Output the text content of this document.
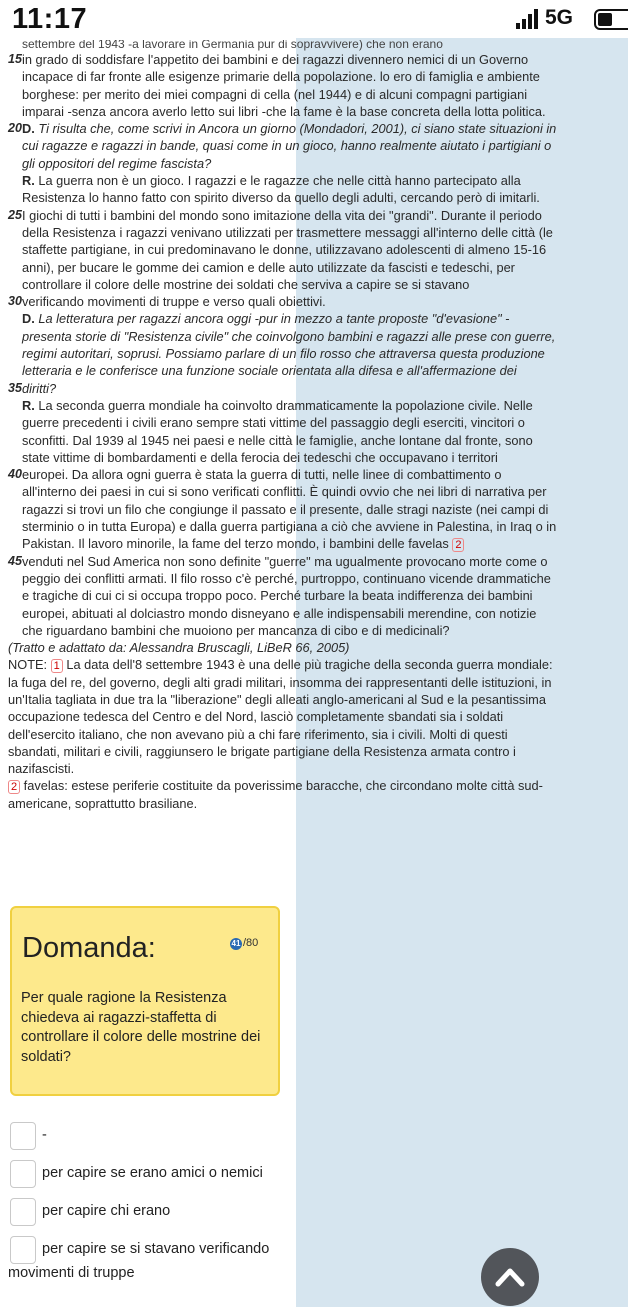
11:17	5G
settembre del 1943 -a lavorare in Germania pur di sopravvivere) che non erano
15 in grado di soddisfare l'appetito dei bambini e dei ragazzi divennero nemici di un Governo

incapace di far fronte alle esigenze primarie della popolazione. lo ero di famiglia e ambiente

borghese: per merito dei miei compagni di cella (nel 1944) e di alcuni compagni partigiani

imparai -senza ancora averlo letto sui libri -che la fame è la base concreta della lotta politica.

20 D. Ti risulta che, come scrivi in Ancora un giorno (Mondadori, 2001), ci siano state situazioni in

cui ragazze e ragazzi in bande, quasi come in un gioco, hanno realmente aiutato i partigiani o

gli oppositori del regime fascista?

R. La guerra non è un gioco. I ragazzi e le ragazze che nelle città hanno partecipato alla

Resistenza lo hanno fatto con spirito diverso da quello degli adulti, cercando però di imitarli.

25 I giochi di tutti i bambini del mondo sono imitazione della vita dei "grandi". Durante il periodo

della Resistenza i ragazzi venivano utilizzati per trasmettere messaggi all'interno delle città (le

staffette partigiane, in cui predominavano le donne, utilizzavano adolescenti di almeno 15-16

anni), per bucare le gomme dei camion e delle auto utilizzate da fascisti e tedeschi, per

controllare il colore delle mostrine dei soldati che serviva a capire se si stavano

30 verificando movimenti di truppe e verso quali obiettivi.

D. La letteratura per ragazzi ancora oggi -pur in mezzo a tante proposte "d'evasione" -

presenta storie di "Resistenza civile" che coinvolgono bambini e ragazzi alle prese con guerre,

regimi autoritari, soprusi. Possiamo parlare di un filo rosso che attraversa questa produzione

letteraria e le conferisce una funzione sociale orientata alla difesa e all'affermazione dei

35 diritti?

R. La seconda guerra mondiale ha coinvolto drammaticamente la popolazione civile. Nelle

guerre precedenti i civili erano sempre stati vittime del passaggio degli eserciti, vincitori o

sconfitti. Dal 1939 al 1945 nei paesi e nelle città le famiglie, anche lontane dal fronte, sono

state vittime di bombardamenti e della ferocia dei tedeschi che occupavano i territori

40 europei. Da allora ogni guerra è stata la guerra di tutti, nelle linee di combattimento o

all'interno dei paesi in cui si sono verificati conflitti. È quindi ovvio che nei libri di narrativa per

ragazzi si trovi un filo che congiunge il passato e il presente, dalle stragi naziste (nei campi di

sterminio o in tutta Europa) e dalla guerra partigiana a ciò che avviene in Palestina, in Iraq o in

Pakistan. Il lavoro minorile, la fame del terzo mondo, i bambini delle favelas 2

45 venduti nel Sud America non sono definite "guerre" ma ugualmente provocano morte come o

peggio dei conflitti armati. Il filo rosso c'è perché, purtroppo, continuano vicende drammatiche

e tragiche di cui ci si occupa troppo poco. Perché turbare la beata indifferenza dei bambini

europei, abituati al dolciastro mondo disneyano e alle indispensabili merendine, con notizie

che riguardano bambini che muoiono per mancanza di cibo e di medicinali?

(Tratto e adattato da: Alessandra Bruscagli, LiBeR 66, 2005)

NOTE: 1 La data dell'8 settembre 1943 è una delle più tragiche della seconda guerra mondiale:

la fuga del re, del governo, degli alti gradi militari, insomma dei rappresentanti delle istituzioni, in

un'Italia tagliata in due tra la "liberazione" degli alleati anglo-americani al Sud e la pesantissima

occupazione tedesca del Centro e del Nord, lasciò completamente sbandati sia i soldati

dell'esercito italiano, che non avevano più a chi fare riferimento, sia i civili. Molti di questi

sbandati, militari e civili, raggiunsero le brigate partigiane della Resistenza armata contro i

nazifascisti.

2 favelas: estese periferie costituite da poverissime baracche, che circondano molte città sud-

americane, soprattutto brasiliane.

Domanda:	41 /80
Per quale ragione la Resistenza chiedeva ai ragazzi-staffetta di controllare il colore delle mostrine dei soldati?
-
per capire se erano amici o nemici
per capire chi erano
per capire se si stavano verificando
movimenti di truppe
